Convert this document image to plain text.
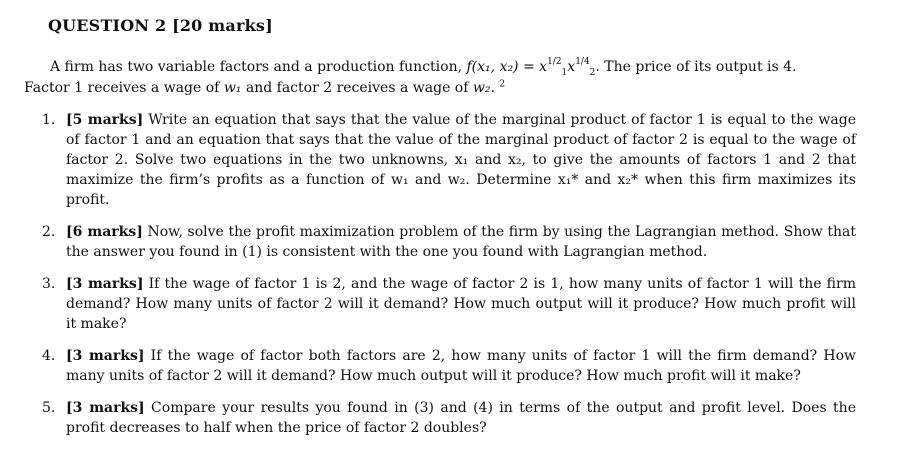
QUESTION 2 [20 marks]
A firm has two variable factors and a production function, f(x₁, $x_2) = x^{1/2}_1x^{1/4}_2$. The price of its output is 4.
Factor 1 receives a wage of w₁ and factor 2 receives a wage of w₂. $^2$
1. [5 marks] Write an equation that says that the value of the marginal product of factor 1 is equal to the wage of factor 1 and an equation that says that the value of the marginal product of factor 2 is equal to the wage of factor 2. Solve two equations in the two unknowns, x₁ and x₂, to give the amounts of factors 1 and 2 that maximize the firm’s profits as a function of w₁ and w₂. Determine x₁* and x₂* when this firm maximizes its profit.
2. [6 marks] Now, solve the profit maximization problem of the firm by using the Lagrangian method. Show that the answer you found in (1) is consistent with the one you found with Lagrangian method.
3. [3 marks] If the wage of factor 1 is 2, and the wage of factor 2 is 1, how many units of factor 1 will the firm demand? How many units of factor 2 will it demand? How much output will it produce? How much profit will it make?
4. [3 marks] If the wage of factor both factors are 2, how many units of factor 1 will the firm demand? How many units of factor 2 will it demand? How much output will it produce? How much profit will it make?
5. [3 marks] Compare your results you found in (3) and (4) in terms of the output and profit level. Does the profit decreases to half when the price of factor 2 doubles?
